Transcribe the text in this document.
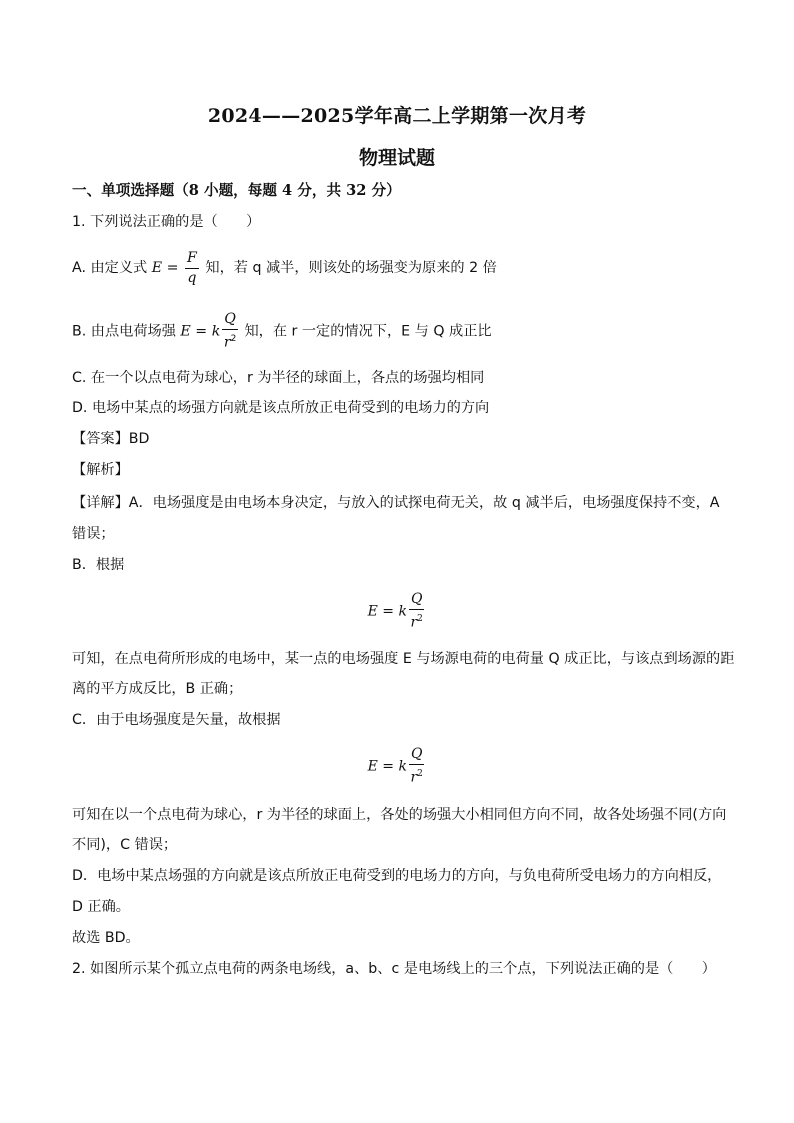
2024——2025学年高二上学期第一次月考
物理试题
一、单项选择题（8 小题，每题 4 分，共 32 分）
1. 下列说法正确的是（　　）
A. 由定义式 $E = \frac{F}{q}$ 知，若 q 减半，则该处的场强变为原来的 2 倍
B. 由点电荷场强 E = k $\frac{Q}{r^2}$ 知，在 r 一定的情况下，E 与 Q 成正比
C. 在一个以点电荷为球心，r 为半径的球面上，各点的场强均相同
D. 电场中某点的场强方向就是该点所放正电荷受到的电场力的方向
【答案】BD
【解析】
【详解】A．电场强度是由电场本身决定，与放入的试探电荷无关，故 q 减半后，电场强度保持不变，A
错误；
B．根据
E = k $\frac{Q}{r^2}$
可知，在点电荷所形成的电场中，某一点的电场强度 E 与场源电荷的电荷量 Q 成正比，与该点到场源的距
离的平方成反比，B 正确；
C．由于电场强度是矢量，故根据
E = k $\frac{Q}{r^2}$
可知在以一个点电荷为球心，r 为半径的球面上，各处的场强大小相同但方向不同，故各处场强不同(方向
不同)，C 错误；
D．电场中某点场强的方向就是该点所放正电荷受到的电场力的方向，与负电荷所受电场力的方向相反，
D 正确。
故选 BD。
2. 如图所示某个孤立点电荷的两条电场线，a、b、c 是电场线上的三个点，下列说法正确的是（　　）
